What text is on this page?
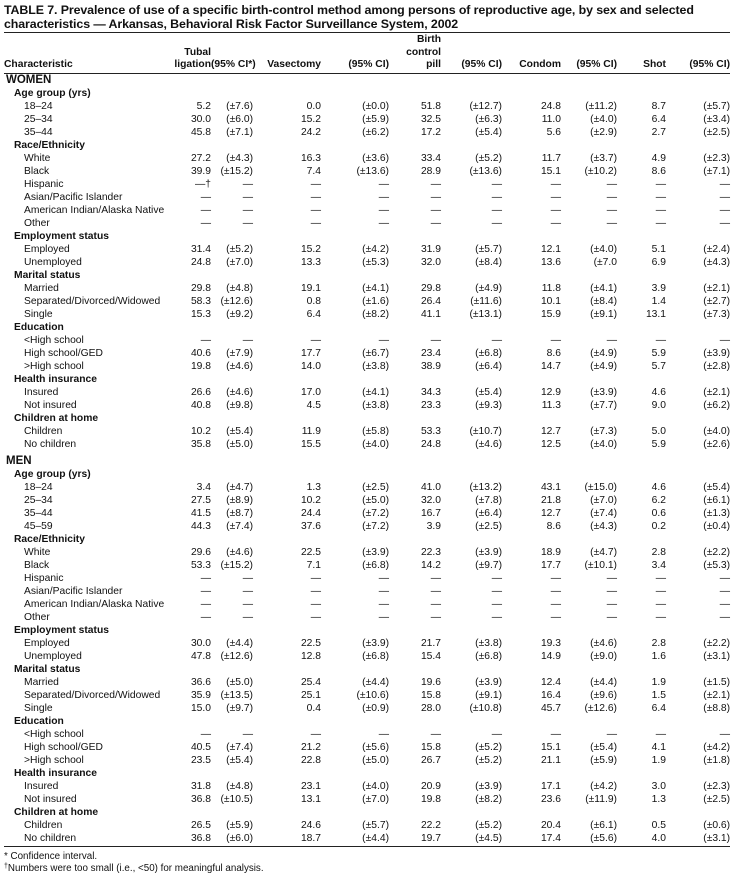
TABLE 7. Prevalence of use of a specific birth-control method among persons of reproductive age, by sex and selected characteristics — Arkansas, Behavioral Risk Factor Surveillance System, 2002
Characteristic	Tubal
ligation	(95% CI*)	Vasectomy	(95% CI)	Birth
control
pill	(95% CI)	Condom	(95% CI)	Shot	(95% CI)
WOMEN										
Age group (yrs)										
18–24	5.2	(±7.6)	0.0	(±0.0)	51.8	(±12.7)	24.8	(±11.2)	8.7	(±5.7)
25–34	30.0	(±6.0)	15.2	(±5.9)	32.5	(±6.3)	11.0	(±4.0)	6.4	(±3.4)
35–44	45.8	(±7.1)	24.2	(±6.2)	17.2	(±5.4)	5.6	(±2.9)	2.7	(±2.5)
Race/Ethnicity										
White	27.2	(±4.3)	16.3	(±3.6)	33.4	(±5.2)	11.7	(±3.7)	4.9	(±2.3)
Black	39.9	(±15.2)	7.4	(±13.6)	28.9	(±13.6)	15.1	(±10.2)	8.6	(±7.1)
Hispanic	—†	—	—	—	—	—	—	—	—	—
Asian/Pacific Islander	—	—	—	—	—	—	—	—	—	—
American Indian/Alaska Native	—	—	—	—	—	—	—	—	—	—
Other	—	—	—	—	—	—	—	—	—	—
Employment status										
Employed	31.4	(±5.2)	15.2	(±4.2)	31.9	(±5.7)	12.1	(±4.0)	5.1	(±2.4)
Unemployed	24.8	(±7.0)	13.3	(±5.3)	32.0	(±8.4)	13.6	(±7.0	6.9	(±4.3)
Marital status										
Married	29.8	(±4.8)	19.1	(±4.1)	29.8	(±4.9)	11.8	(±4.1)	3.9	(±2.1)
Separated/Divorced/Widowed	58.3	(±12.6)	0.8	(±1.6)	26.4	(±11.6)	10.1	(±8.4)	1.4	(±2.7)
Single	15.3	(±9.2)	6.4	(±8.2)	41.1	(±13.1)	15.9	(±9.1)	13.1	(±7.3)
Education										
<High school	—	—	—	—	—	—	—	—	—	—
High school/GED	40.6	(±7.9)	17.7	(±6.7)	23.4	(±6.8)	8.6	(±4.9)	5.9	(±3.9)
>High school	19.8	(±4.6)	14.0	(±3.8)	38.9	(±6.4)	14.7	(±4.9)	5.7	(±2.8)
Health insurance										
Insured	26.6	(±4.6)	17.0	(±4.1)	34.3	(±5.4)	12.9	(±3.9)	4.6	(±2.1)
Not insured	40.8	(±9.8)	4.5	(±3.8)	23.3	(±9.3)	11.3	(±7.7)	9.0	(±6.2)
Children at home										
Children	10.2	(±5.4)	11.9	(±5.8)	53.3	(±10.7)	12.7	(±7.3)	5.0	(±4.0)
No children	35.8	(±5.0)	15.5	(±4.0)	24.8	(±4.6)	12.5	(±4.0)	5.9	(±2.6)

MEN										
Age group (yrs)										
18–24	3.4	(±4.7)	1.3	(±2.5)	41.0	(±13.2)	43.1	(±15.0)	4.6	(±5.4)
25–34	27.5	(±8.9)	10.2	(±5.0)	32.0	(±7.8)	21.8	(±7.0)	6.2	(±6.1)
35–44	41.5	(±8.7)	24.4	(±7.2)	16.7	(±6.4)	12.7	(±7.4)	0.6	(±1.3)
45–59	44.3	(±7.4)	37.6	(±7.2)	3.9	(±2.5)	8.6	(±4.3)	0.2	(±0.4)
Race/Ethnicity										
White	29.6	(±4.6)	22.5	(±3.9)	22.3	(±3.9)	18.9	(±4.7)	2.8	(±2.2)
Black	53.3	(±15.2)	7.1	(±6.8)	14.2	(±9.7)	17.7	(±10.1)	3.4	(±5.3)
Hispanic	—	—	—	—	—	—	—	—	—	—
Asian/Pacific Islander	—	—	—	—	—	—	—	—	—	—
American Indian/Alaska Native	—	—	—	—	—	—	—	—	—	—
Other	—	—	—	—	—	—	—	—	—	—
Employment status										
Employed	30.0	(±4.4)	22.5	(±3.9)	21.7	(±3.8)	19.3	(±4.6)	2.8	(±2.2)
Unemployed	47.8	(±12.6)	12.8	(±6.8)	15.4	(±6.8)	14.9	(±9.0)	1.6	(±3.1)
Marital status										
Married	36.6	(±5.0)	25.4	(±4.4)	19.6	(±3.9)	12.4	(±4.4)	1.9	(±1.5)
Separated/Divorced/Widowed	35.9	(±13.5)	25.1	(±10.6)	15.8	(±9.1)	16.4	(±9.6)	1.5	(±2.1)
Single	15.0	(±9.7)	0.4	(±0.9)	28.0	(±10.8)	45.7	(±12.6)	6.4	(±8.8)
Education										
<High school	—	—	—	—	—	—	—	—	—	—
High school/GED	40.5	(±7.4)	21.2	(±5.6)	15.8	(±5.2)	15.1	(±5.4)	4.1	(±4.2)
>High school	23.5	(±5.4)	22.8	(±5.0)	26.7	(±5.2)	21.1	(±5.9)	1.9	(±1.8)
Health insurance										
Insured	31.8	(±4.8)	23.1	(±4.0)	20.9	(±3.9)	17.1	(±4.2)	3.0	(±2.3)
Not insured	36.8	(±10.5)	13.1	(±7.0)	19.8	(±8.2)	23.6	(±11.9)	1.3	(±2.5)
Children at home										
Children	26.5	(±5.9)	24.6	(±5.7)	22.2	(±5.2)	20.4	(±6.1)	0.5	(±0.6)
No children	36.8	(±6.0)	18.7	(±4.4)	19.7	(±4.5)	17.4	(±5.6)	4.0	(±3.1)
* Confidence interval.
†Numbers were too small (i.e., <50) for meaningful analysis.
